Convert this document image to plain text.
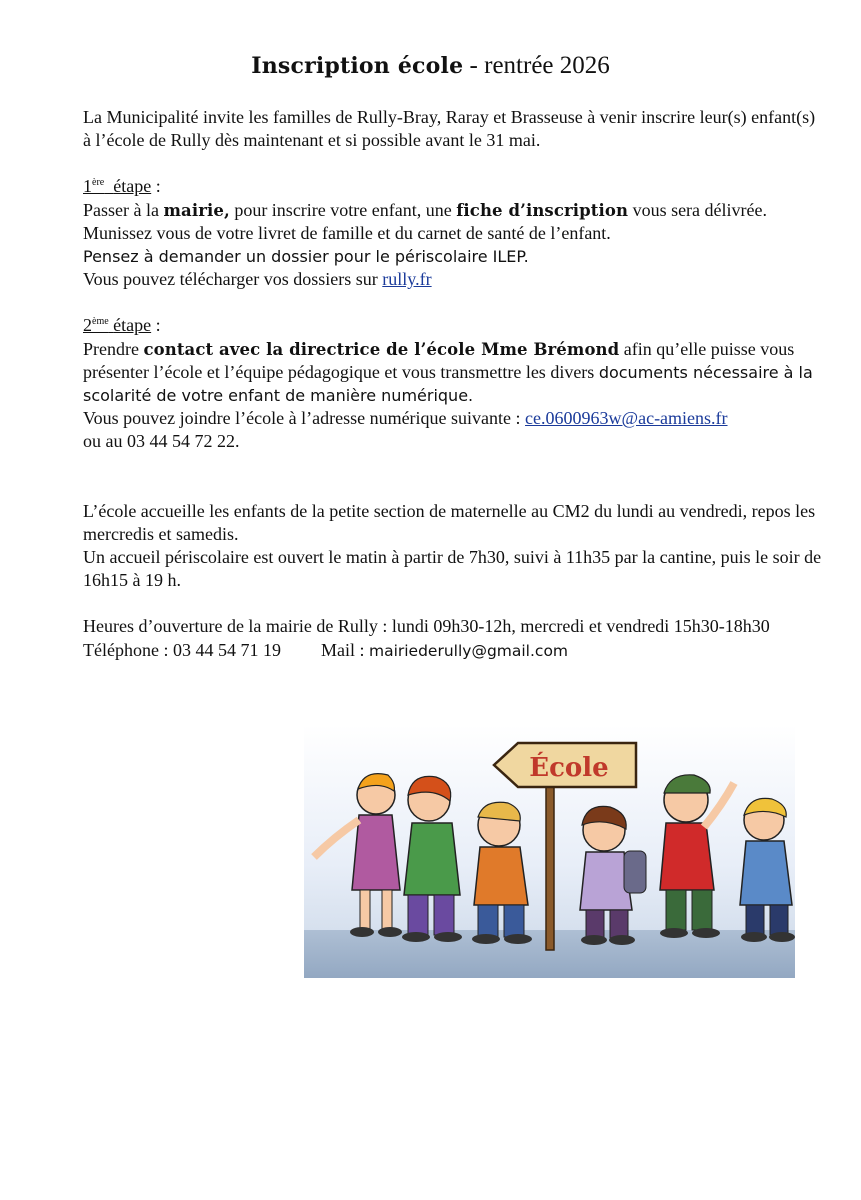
Inscription école - rentrée 2026

La Municipalité invite les familles de Rully-Bray, Raray et Brasseuse à venir inscrire leur(s) enfant(s) à l’école de Rully dès maintenant et si possible avant le 31 mai.

1ère étape :

Passer à la mairie, pour inscrire votre enfant, une fiche d’inscription vous sera délivrée. Munissez vous de votre livret de famille et du carnet de santé de l’enfant.

Pensez à demander un dossier pour le périscolaire ILEP.

Vous pouvez télécharger vos dossiers sur rully.fr

2ème étape :

Prendre contact avec la directrice de l’école Mme Brémond afin qu’elle puisse vous présenter l’école et l’équipe pédagogique et vous transmettre les divers documents nécessaire à la scolarité de votre enfant de manière numérique.

Vous pouvez joindre l’école à l’adresse numérique suivante : ce.0600963w@ac-amiens.fr

ou au 03 44 54 72 22.

L’école accueille les enfants de la petite section de maternelle au CM2 du lundi au vendredi, repos les mercredis et samedis.

Un accueil périscolaire est ouvert le matin à partir de 7h30, suivi à 11h35 par la cantine, puis le soir de 16h15 à 19 h.

Heures d’ouverture de la mairie de Rully : lundi 09h30-12h, mercredi et vendredi 15h30-18h30

Téléphone : 03 44 54 71 19 Mail : mairiederully@gmail.com

École
